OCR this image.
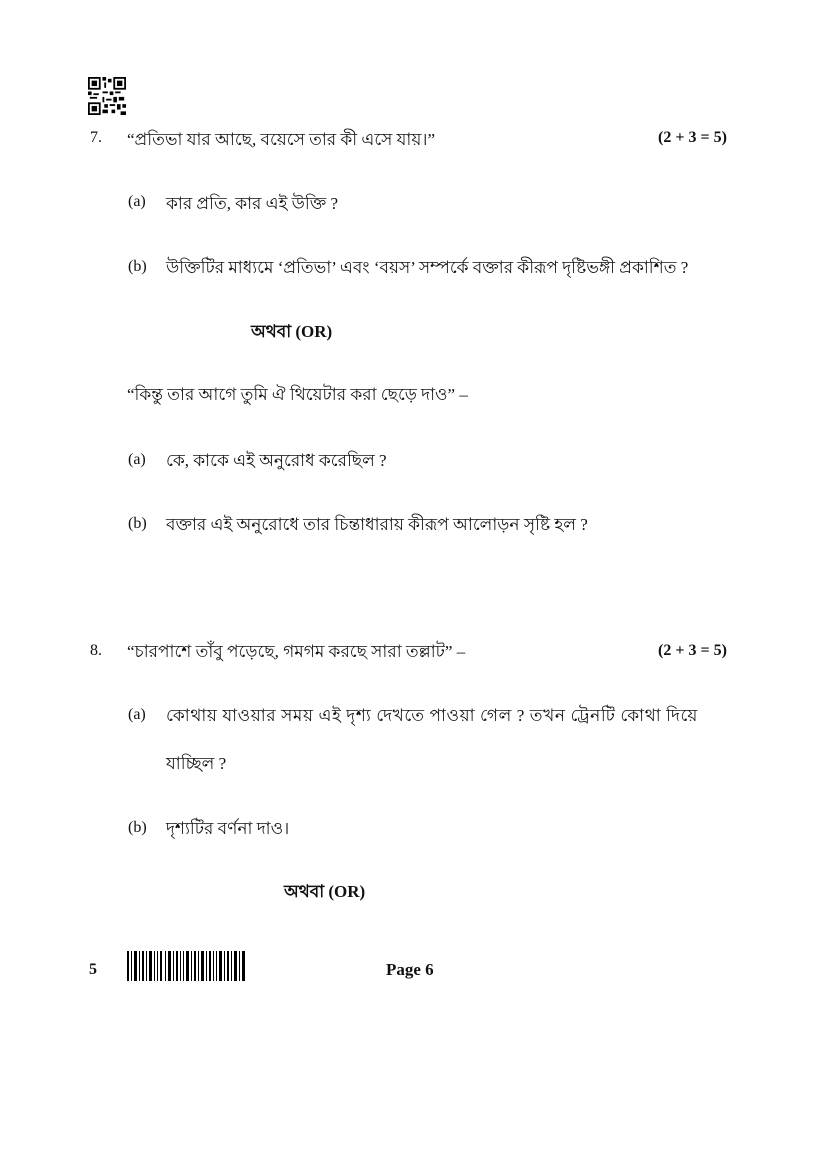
7. “প্রতিভা যার আছে, বয়েসে তার কী এসে যায়।”	(2 + 3 = 5)
(a) কার প্রতি, কার এই উক্তি ?
(b) উক্তিটির মাধ্যমে ‘প্রতিভা’ এবং ‘বয়স’ সম্পর্কে বক্তার কীরূপ দৃষ্টিভঙ্গী প্রকাশিত ?
অথবা (OR)
“কিন্তু তার আগে তুমি ঐ থিয়েটার করা ছেড়ে দাও” –
(a) কে, কাকে এই অনুরোধ করেছিল ?
(b) বক্তার এই অনুরোধে তার চিন্তাধারায় কীরূপ আলোড়ন সৃষ্টি হল ?
8. “চারপাশে তাঁবু পড়েছে, গমগম করছে সারা তল্লাট” –	(2 + 3 = 5)
(a) কোথায় যাওয়ার সময় এই দৃশ্য দেখতে পাওয়া গেল ? তখন ট্রেনটি কোথা দিয়ে
যাচ্ছিল ?
(b) দৃশ্যটির বর্ণনা দাও।
অথবা (OR)
5	Page 6
